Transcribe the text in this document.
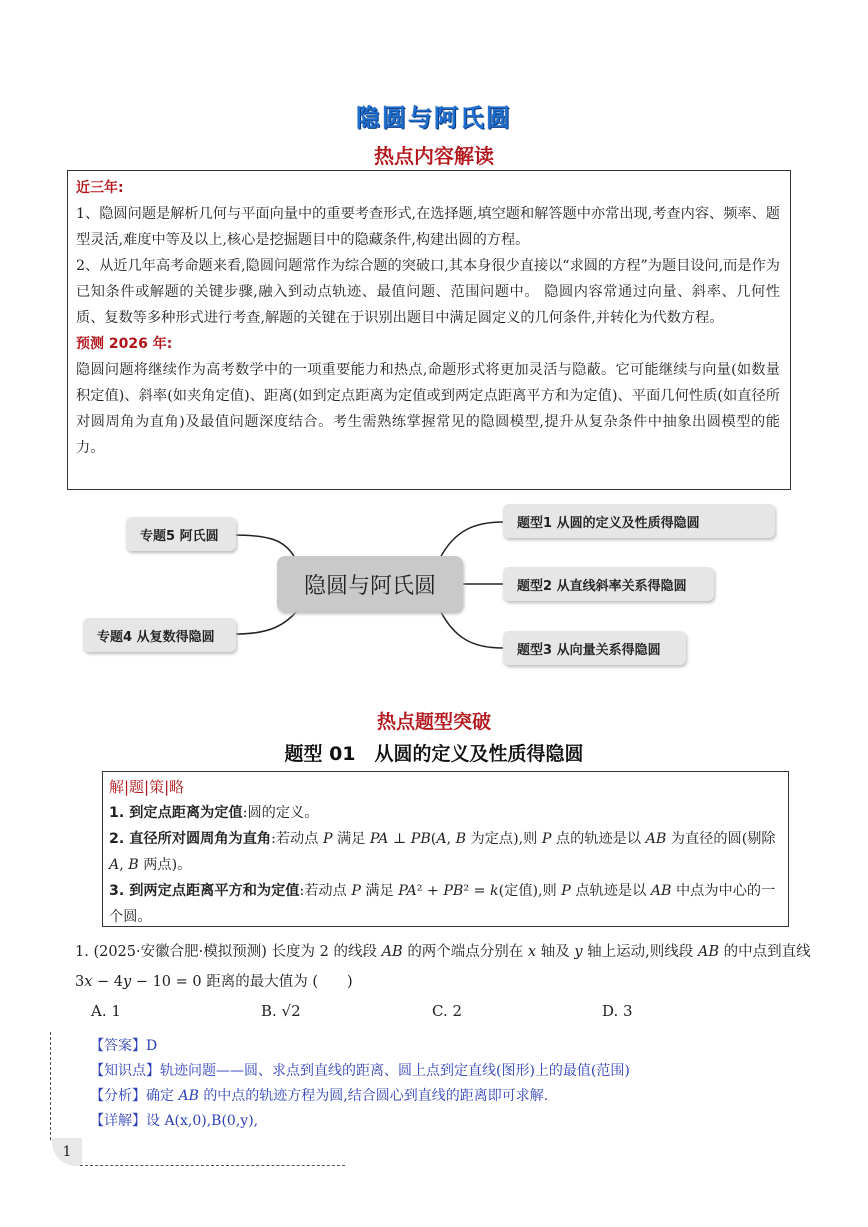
隐圆与阿氏圆
热点内容解读
近三年:
1、隐圆问题是解析几何与平面向量中的重要考查形式,在选择题,填空题和解答题中亦常出现,考查内容、频率、题型灵活,难度中等及以上,核心是挖掘题目中的隐藏条件,构建出圆的方程。
2、从近几年高考命题来看,隐圆问题常作为综合题的突破口,其本身很少直接以“求圆的方程”为题目设问,而是作为已知条件或解题的关键步骤,融入到动点轨迹、最值问题、范围问题中。 隐圆内容常通过向量、斜率、几何性质、复数等多种形式进行考查,解题的关键在于识别出题目中满足圆定义的几何条件,并转化为代数方程。
预测 2026 年:
隐圆问题将继续作为高考数学中的一项重要能力和热点,命题形式将更加灵活与隐蔽。它可能继续与向量(如数量积定值)、斜率(如夹角定值)、距离(如到定点距离为定值或到两定点距离平方和为定值)、平面几何性质(如直径所对圆周角为直角)及最值问题深度结合。考生需熟练掌握常见的隐圆模型,提升从复杂条件中抽象出圆模型的能力。
隐圆与阿氏圆
专题5 阿氏圆
专题4 从复数得隐圆
题型1 从圆的定义及性质得隐圆
题型2 从直线斜率关系得隐圆
题型3 从向量关系得隐圆
热点题型突破
题型 01　从圆的定义及性质得隐圆
解|题|策|略
1. 到定点距离为定值:圆的定义。
2. 直径所对圆周角为直角:若动点 P 满足 PA ⊥ PB(A, B 为定点),则 P 点的轨迹是以 AB 为直径的圆(剔除 A, B 两点)。
3. 到两定点距离平方和为定值:若动点 P 满足 PA² + PB² = k(定值),则 P 点轨迹是以 AB 中点为中心的一个圆。
1. (2025·安徽合肥·模拟预测) 长度为 2 的线段 AB 的两个端点分别在 x 轴及 y 轴上运动,则线段 AB 的中点到直线 3x − 4y − 10 = 0 距离的最大值为 (　　)
A. 1	B. √2	C. 2	D. 3
【答案】D
【知识点】轨迹问题——圆、求点到直线的距离、圆上点到定直线(图形)上的最值(范围)
【分析】确定 AB 的中点的轨迹方程为圆,结合圆心到直线的距离即可求解.
【详解】设 A(x,0),B(0,y),
1
